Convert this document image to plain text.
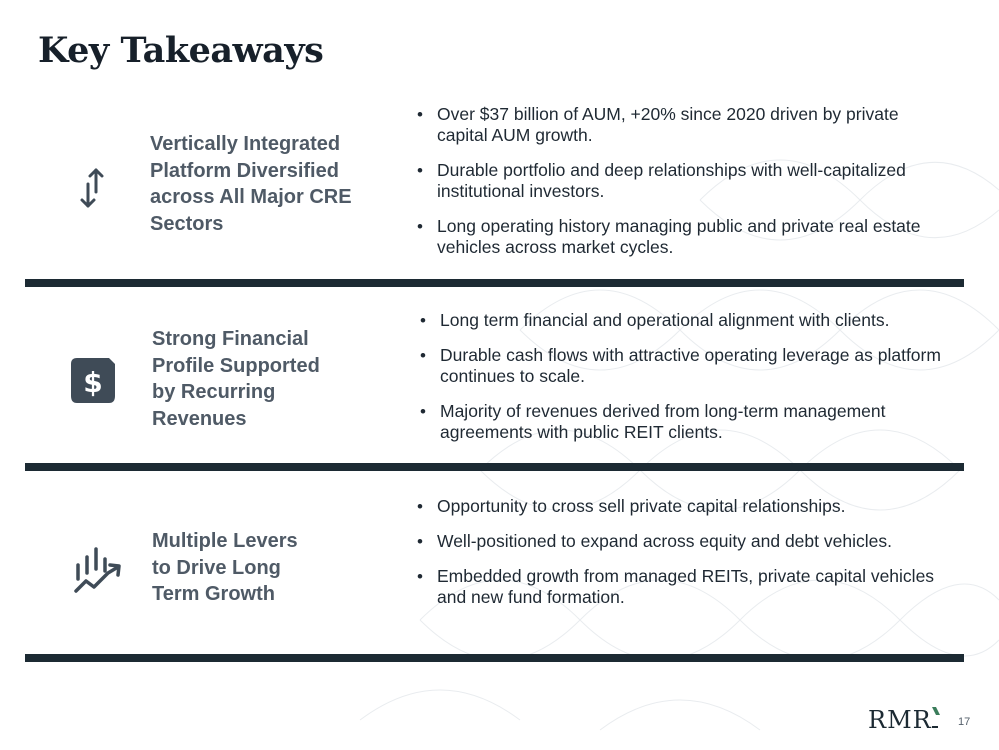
Key Takeaways
Vertically Integrated
Platform Diversified
across All Major CRE
Sectors
• Over $37 billion of AUM, +20% since 2020 driven by private capital AUM growth.
• Durable portfolio and deep relationships with well-capitalized institutional investors.
• Long operating history managing public and private real estate vehicles across market cycles.
$
Strong Financial
Profile Supported
by Recurring
Revenues
• Long term financial and operational alignment with clients.
• Durable cash flows with attractive operating leverage as platform continues to scale.
• Majority of revenues derived from long-term management agreements with public REIT clients.
Multiple Levers
to Drive Long
Term Growth
• Opportunity to cross sell private capital relationships.
• Well-positioned to expand across equity and debt vehicles.
• Embedded growth from managed REITs, private capital vehicles and new fund formation.
RMR 17
